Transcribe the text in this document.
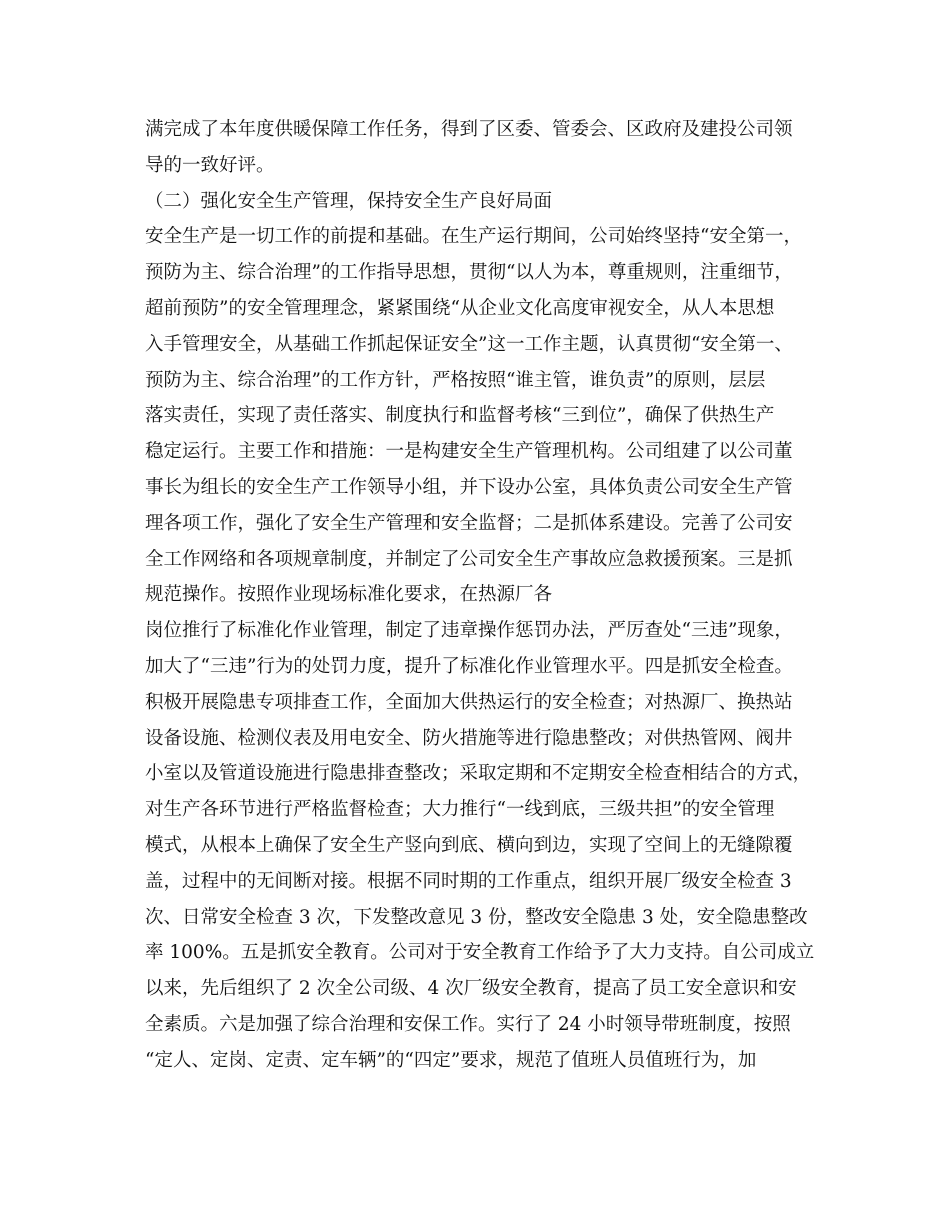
满完成了本年度供暖保障工作任务，得到了区委、管委会、区政府及建投公司领
导的一致好评。
（二）强化安全生产管理，保持安全生产良好局面
安全生产是一切工作的前提和基础。在生产运行期间，公司始终坚持“安全第一，
预防为主、综合治理”的工作指导思想，贯彻“以人为本，尊重规则，注重细节，
超前预防”的安全管理理念，紧紧围绕“从企业文化高度审视安全，从人本思想
入手管理安全，从基础工作抓起保证安全”这一工作主题，认真贯彻“安全第一、
预防为主、综合治理”的工作方针，严格按照“谁主管，谁负责”的原则，层层
落实责任，实现了责任落实、制度执行和监督考核“三到位”，确保了供热生产
稳定运行。主要工作和措施：一是构建安全生产管理机构。公司组建了以公司董
事长为组长的安全生产工作领导小组，并下设办公室，具体负责公司安全生产管
理各项工作，强化了安全生产管理和安全监督；二是抓体系建设。完善了公司安
全工作网络和各项规章制度，并制定了公司安全生产事故应急救援预案。三是抓
规范操作。按照作业现场标准化要求，在热源厂各
岗位推行了标准化作业管理，制定了违章操作惩罚办法，严厉查处“三违”现象，
加大了“三违”行为的处罚力度，提升了标准化作业管理水平。四是抓安全检查。
积极开展隐患专项排查工作，全面加大供热运行的安全检查；对热源厂、换热站
设备设施、检测仪表及用电安全、防火措施等进行隐患整改；对供热管网、阀井
小室以及管道设施进行隐患排查整改；采取定期和不定期安全检查相结合的方式，
对生产各环节进行严格监督检查；大力推行“一线到底，三级共担”的安全管理
模式，从根本上确保了安全生产竖向到底、横向到边，实现了空间上的无缝隙覆
盖，过程中的无间断对接。根据不同时期的工作重点，组织开展厂级安全检查 3
次、日常安全检查 3 次，下发整改意见 3 份，整改安全隐患 3 处，安全隐患整改
率 100%。五是抓安全教育。公司对于安全教育工作给予了大力支持。自公司成立
以来，先后组织了 2 次全公司级、4 次厂级安全教育，提高了员工安全意识和安
全素质。六是加强了综合治理和安保工作。实行了 24 小时领导带班制度，按照
“定人、定岗、定责、定车辆”的“四定”要求，规范了值班人员值班行为，加
